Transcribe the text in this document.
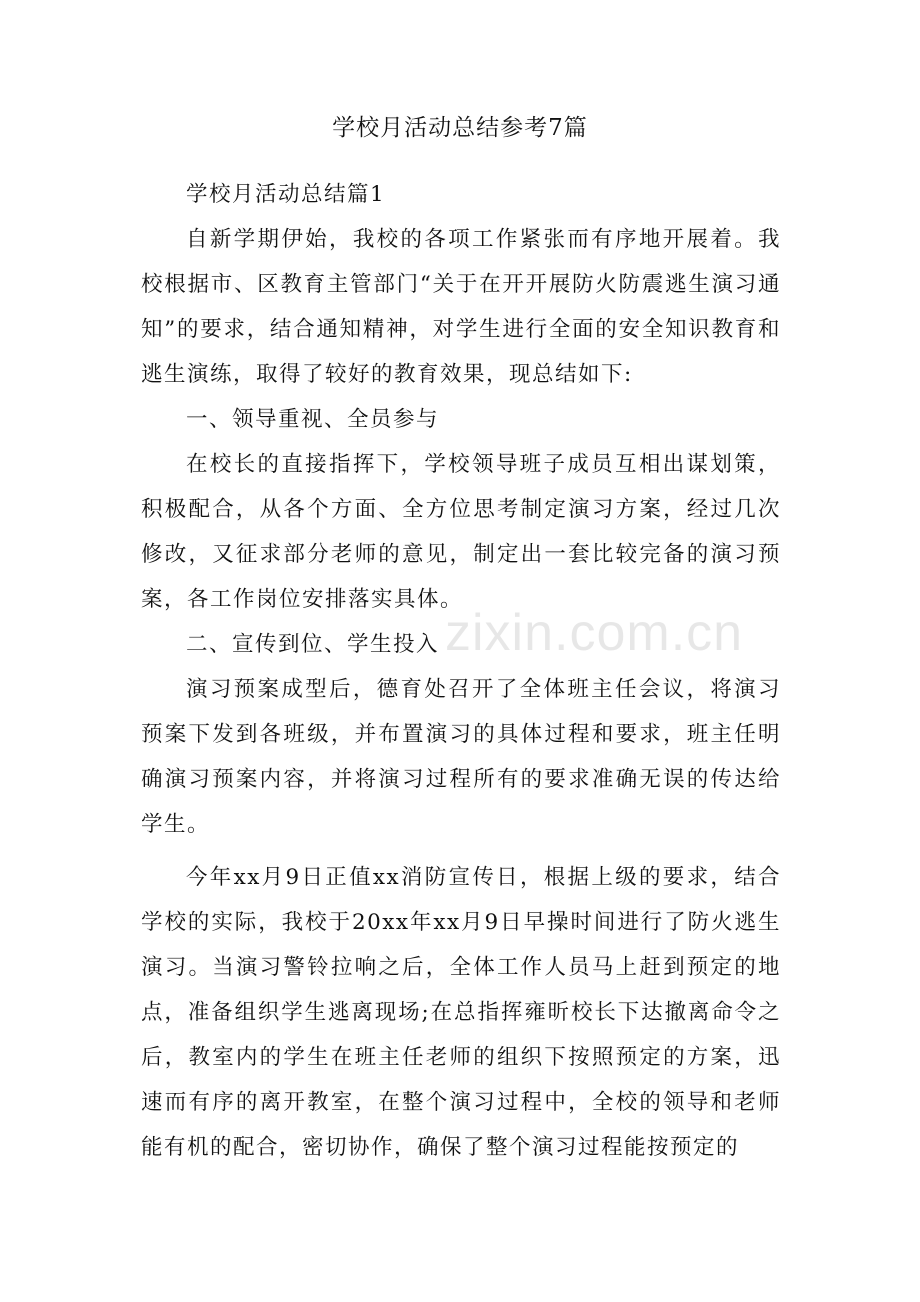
学校月活动总结参考7篇

学校月活动总结篇1

自新学期伊始，我校的各项工作紧张而有序地开展着。我校根据市、区教育主管部门“关于在开开展防火防震逃生演习通知”的要求，结合通知精神，对学生进行全面的安全知识教育和逃生演练，取得了较好的教育效果，现总结如下:

一、领导重视、全员参与

在校长的直接指挥下，学校领导班子成员互相出谋划策，积极配合，从各个方面、全方位思考制定演习方案，经过几次修改，又征求部分老师的意见，制定出一套比较完备的演习预案，各工作岗位安排落实具体。

二、宣传到位、学生投入

演习预案成型后，德育处召开了全体班主任会议，将演习预案下发到各班级，并布置演习的具体过程和要求，班主任明确演习预案内容，并将演习过程所有的要求准确无误的传达给学生。

今年xx月9日正值xx消防宣传日，根据上级的要求，结合学校的实际，我校于20xx年xx月9日早操时间进行了防火逃生演习。当演习警铃拉响之后，全体工作人员马上赶到预定的地点，准备组织学生逃离现场;在总指挥雍昕校长下达撤离命令之后，教室内的学生在班主任老师的组织下按照预定的方案，迅速而有序的离开教室，在整个演习过程中，全校的领导和老师能有机的配合，密切协作，确保了整个演习过程能按预定的

zixin.com.cn
